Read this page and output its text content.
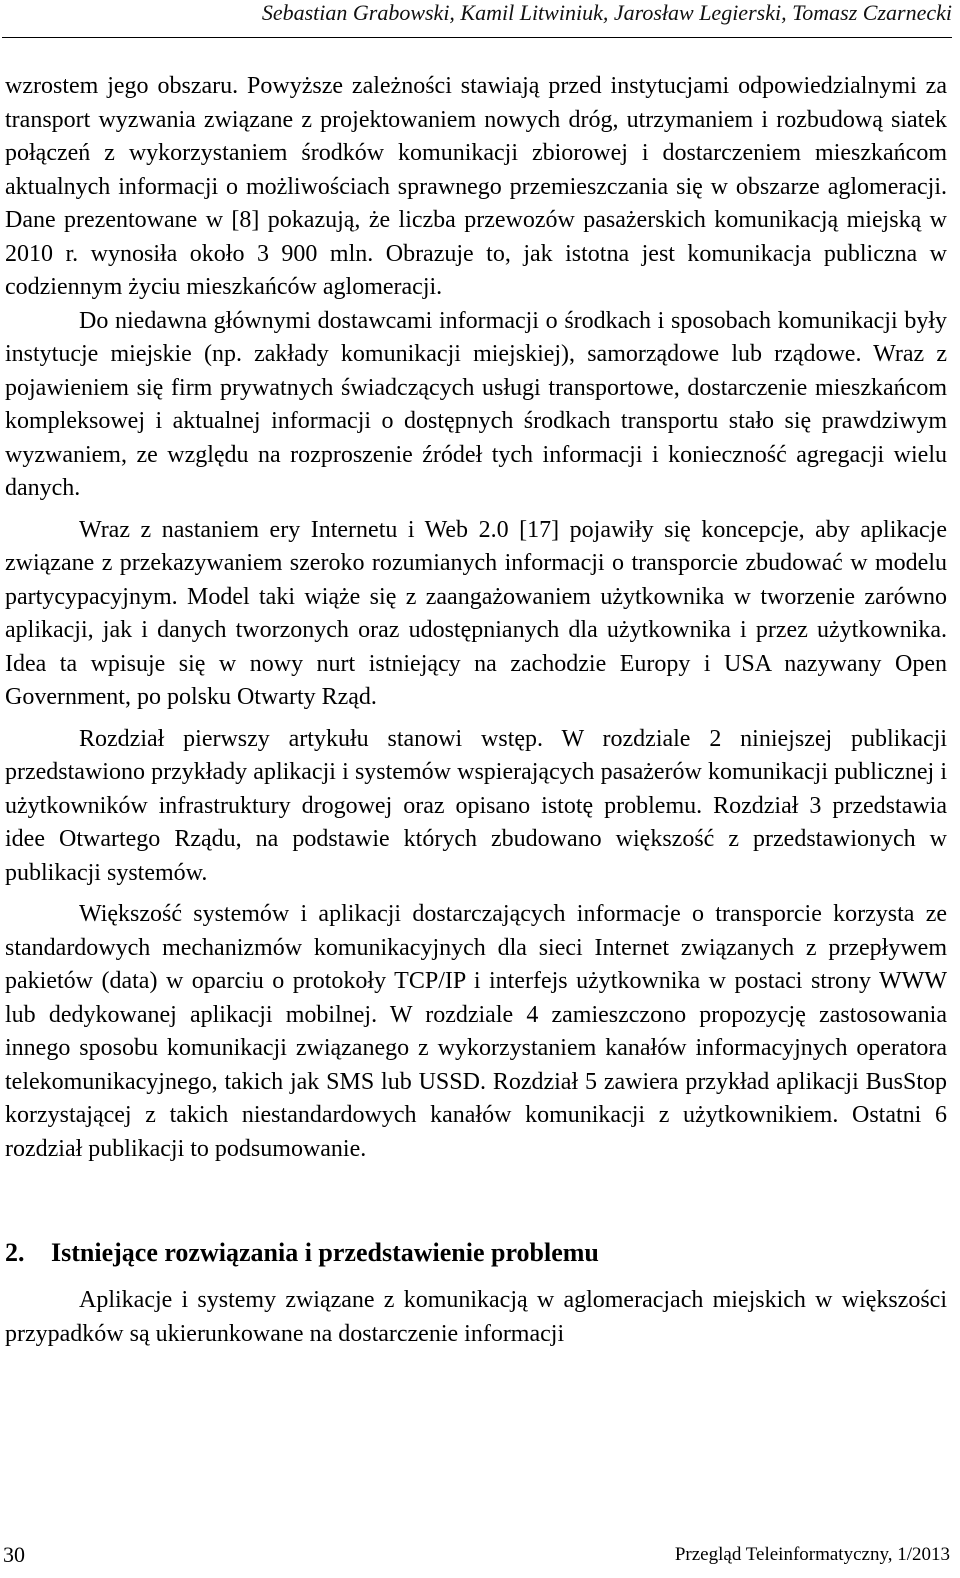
Sebastian Grabowski, Kamil Litwiniuk, Jarosław Legierski, Tomasz Czarnecki

wzrostem jego obszaru. Powyższe zależności stawiają przed instytucjami odpowiedzialnymi za transport wyzwania związane z projektowaniem nowych dróg, utrzymaniem i rozbudową siatek połączeń z wykorzystaniem środków komunikacji zbiorowej i dostarczeniem mieszkańcom aktualnych informacji o możliwościach sprawnego przemieszczania się w obszarze aglomeracji. Dane prezentowane w [8] pokazują, że liczba przewozów pasażerskich komunikacją miejską w 2010 r. wynosiła około 3 900 mln. Obrazuje to, jak istotna jest komunikacja publiczna w codziennym życiu mieszkańców aglomeracji.

Do niedawna głównymi dostawcami informacji o środkach i sposobach komunikacji były instytucje miejskie (np. zakłady komunikacji miejskiej), samorządowe lub rządowe. Wraz z pojawieniem się firm prywatnych świadczących usługi transportowe, dostarczenie mieszkańcom kompleksowej i aktualnej informacji o dostępnych środkach transportu stało się prawdziwym wyzwaniem, ze względu na rozproszenie źródeł tych informacji i konieczność agregacji wielu danych.

Wraz z nastaniem ery Internetu i Web 2.0 [17] pojawiły się koncepcje, aby aplikacje związane z przekazywaniem szeroko rozumianych informacji o transporcie zbudować w modelu partycypacyjnym. Model taki wiąże się z zaangażowaniem użytkownika w tworzenie zarówno aplikacji, jak i danych tworzonych oraz udostępnianych dla użytkownika i przez użytkownika. Idea ta wpisuje się w nowy nurt istniejący na zachodzie Europy i USA nazywany Open Government, po polsku Otwarty Rząd.

Rozdział pierwszy artykułu stanowi wstęp. W rozdziale 2 niniejszej publikacji przedstawiono przykłady aplikacji i systemów wspierających pasażerów komunikacji publicznej i użytkowników infrastruktury drogowej oraz opisano istotę problemu. Rozdział 3 przedstawia idee Otwartego Rządu, na podstawie których zbudowano większość z przedstawionych w publikacji systemów.

Większość systemów i aplikacji dostarczających informacje o transporcie korzysta ze standardowych mechanizmów komunikacyjnych dla sieci Internet związanych z przepływem pakietów (data) w oparciu o protokoły TCP/IP i interfejs użytkownika w postaci strony WWW lub dedykowanej aplikacji mobilnej. W rozdziale 4 zamieszczono propozycję zastosowania innego sposobu komunikacji związanego z wykorzystaniem kanałów informacyjnych operatora telekomunikacyjnego, takich jak SMS lub USSD. Rozdział 5 zawiera przykład aplikacji BusStop korzystającej z takich niestandardowych kanałów komunikacji z użytkownikiem. Ostatni 6 rozdział publikacji to podsumowanie.

2. Istniejące rozwiązania i przedstawienie problemu

Aplikacje i systemy związane z komunikacją w aglomeracjach miejskich w większości przypadków są ukierunkowane na dostarczenie informacji

30	Przegląd Teleinformatyczny, 1/2013
